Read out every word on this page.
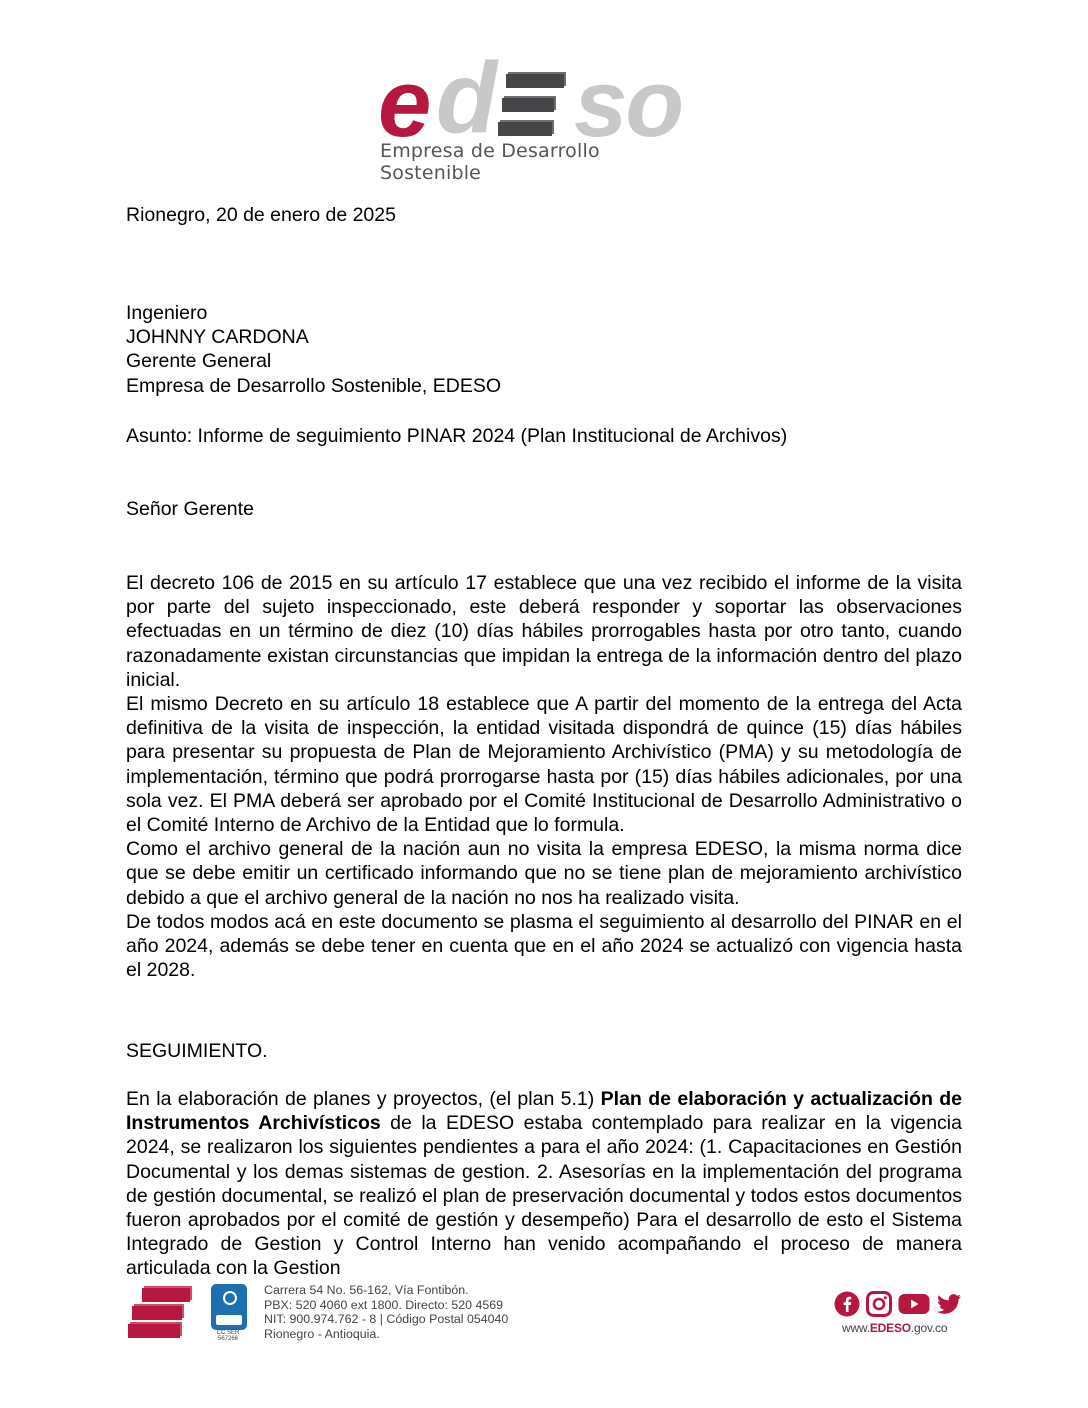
e d so
Empresa de Desarrollo Sostenible
Rionegro, 20 de enero de 2025

Ingeniero

JOHNNY CARDONA

Gerente General

Empresa de Desarrollo Sostenible, EDESO

Asunto: Informe de seguimiento PINAR 2024 (Plan Institucional de Archivos)
Señor Gerente

El decreto 106 de 2015 en su artículo 17 establece que una vez recibido el informe de la visita por parte del sujeto inspeccionado, este deberá responder y soportar las observaciones efectuadas en un término de diez (10) días hábiles prorrogables hasta por otro tanto, cuando razonadamente existan circunstancias que impidan la entrega de la información dentro del plazo inicial.

El mismo Decreto en su artículo 18 establece que A partir del momento de la entrega del Acta definitiva de la visita de inspección, la entidad visitada dispondrá de quince (15) días hábiles para presentar su propuesta de Plan de Mejoramiento Archivístico (PMA) y su metodología de implementación, término que podrá prorrogarse hasta por (15) días hábiles adicionales, por una sola vez. El PMA deberá ser aprobado por el Comité Institucional de Desarrollo Administrativo o el Comité Interno de Archivo de la Entidad que lo formula.

Como el archivo general de la nación aun no visita la empresa EDESO, la misma norma dice que se debe emitir un certificado informando que no se tiene plan de mejoramiento archivístico debido a que el archivo general de la nación no nos ha realizado visita.

De todos modos acá en este documento se plasma el seguimiento al desarrollo del PINAR en el año 2024, además se debe tener en cuenta que en el año 2024 se actualizó con vigencia hasta el 2028.

SEGUIMIENTO.
En la elaboración de planes y proyectos, (el plan 5.1) Plan de elaboración y actualización de Instrumentos Archivísticos de la EDESO estaba contemplado para realizar en la vigencia 2024, se realizaron los siguientes pendientes a para el año 2024: (1. Capacitaciones en Gestión Documental y los demas sistemas de gestion. 2. Asesorías en la implementación del programa de gestión documental, se realizó el plan de preservación documental y todos estos documentos fueron aprobados por el comité de gestión y desempeño) Para el desarrollo de esto el Sistema Integrado de Gestion y Control Interno han venido acompañando el proceso de manera articulada con la Gestion
CC SER
567266
Carrera 54 No. 56-162, Vía Fontibón.
PBX: 520 4060 ext 1800. Directo: 520 4569
NIT: 900.974.762 - 8 | Código Postal 054040
Rionegro - Antioquia.	www.EDESO.gov.co
